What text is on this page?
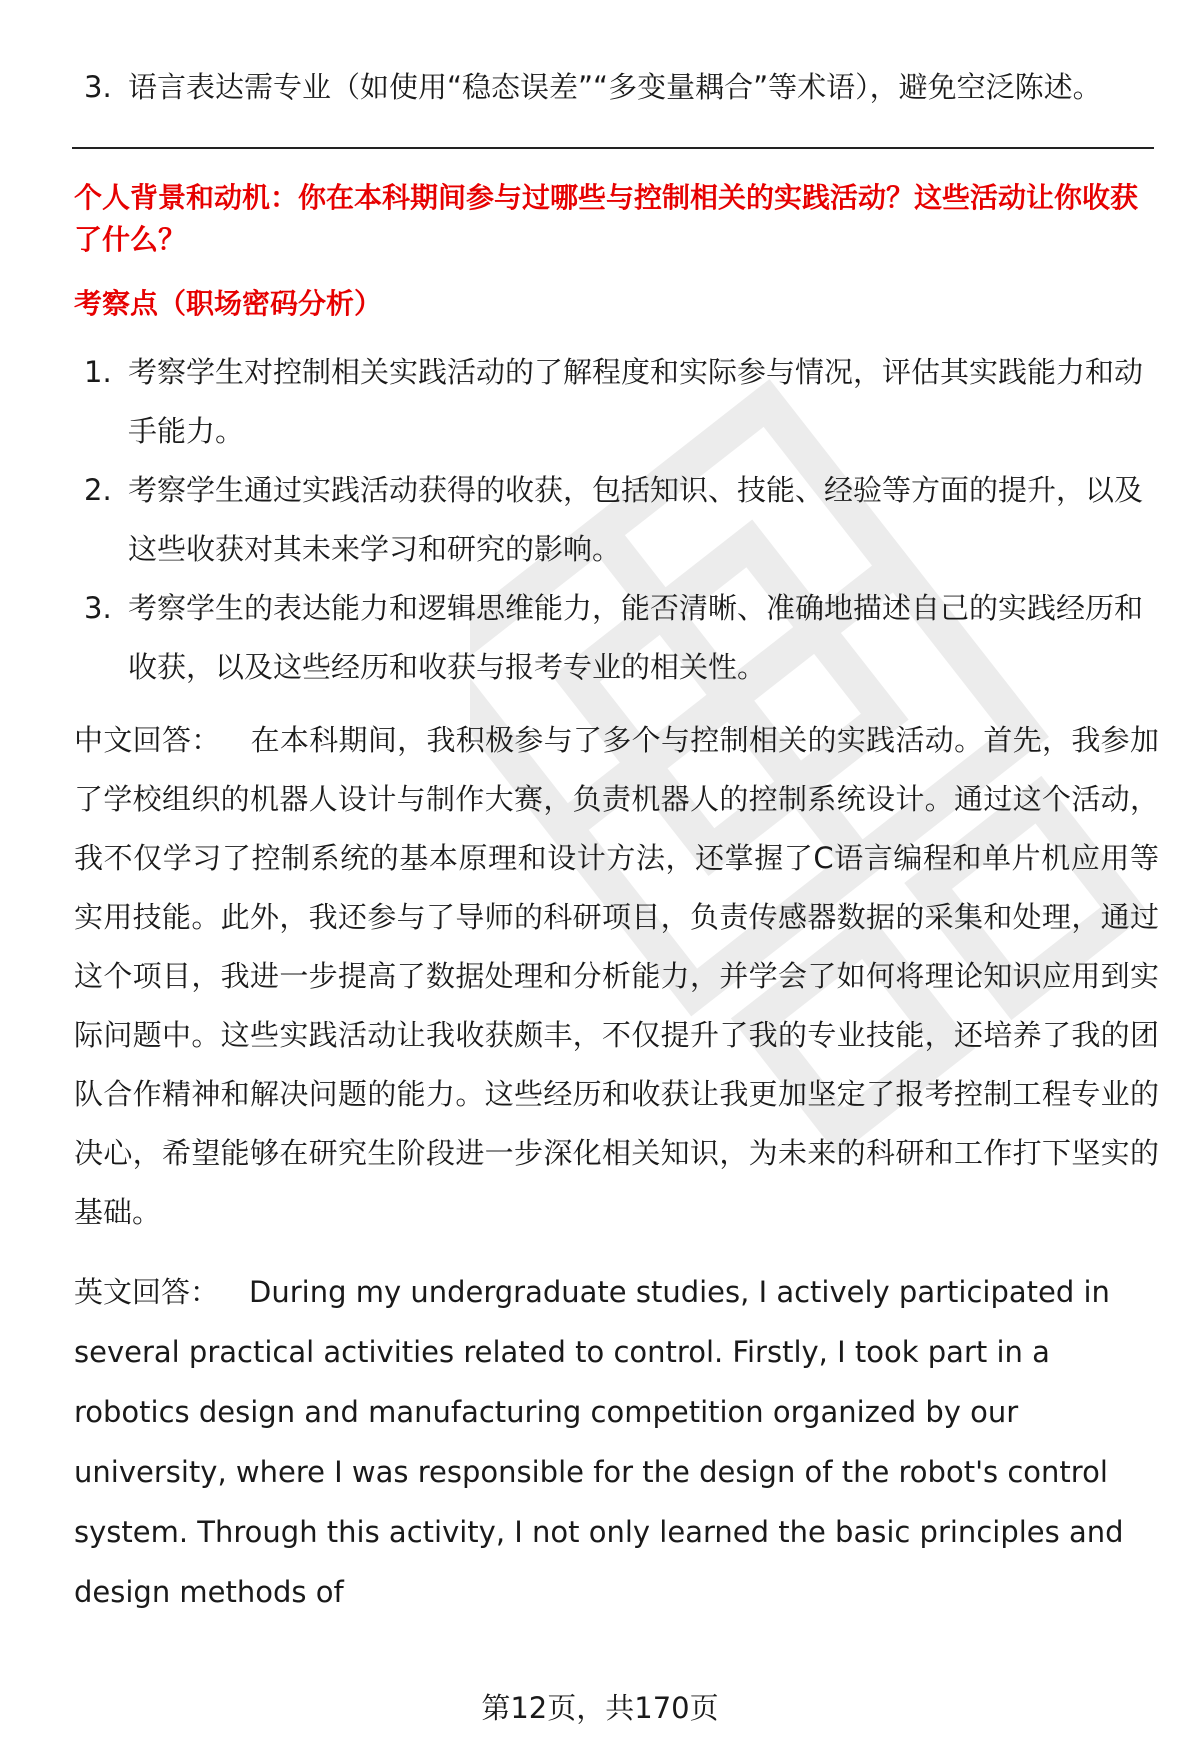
3. 语言表达需专业（如使用“稳态误差”“多变量耦合”等术语），避免空泛陈述。
个人背景和动机：你在本科期间参与过哪些与控制相关的实践活动？这些活动让你收获了什么？
考察点（职场密码分析）
1. 考察学生对控制相关实践活动的了解程度和实际参与情况，评估其实践能力和动手能力。
2. 考察学生通过实践活动获得的收获，包括知识、技能、经验等方面的提升，以及这些收获对其未来学习和研究的影响。
3. 考察学生的表达能力和逻辑思维能力，能否清晰、准确地描述自己的实践经历和收获，以及这些经历和收获与报考专业的相关性。

中文回答： 在本科期间，我积极参与了多个与控制相关的实践活动。首先，我参加了学校组织的机器人设计与制作大赛，负责机器人的控制系统设计。通过这个活动，我不仅学习了控制系统的基本原理和设计方法，还掌握了C语言编程和单片机应用等实用技能。此外，我还参与了导师的科研项目，负责传感器数据的采集和处理，通过这个项目，我进一步提高了数据处理和分析能力，并学会了如何将理论知识应用到实际问题中。这些实践活动让我收获颇丰，不仅提升了我的专业技能，还培养了我的团队合作精神和解决问题的能力。这些经历和收获让我更加坚定了报考控制工程专业的决心，希望能够在研究生阶段进一步深化相关知识，为未来的科研和工作打下坚实的基础。

英文回答： During my undergraduate studies, I actively participated in several practical activities related to control. Firstly, I took part in a robotics design and manufacturing competition organized by our university, where I was responsible for the design of the robot's control system. Through this activity, I not only learned the basic principles and design methods of

第12页，共170页
